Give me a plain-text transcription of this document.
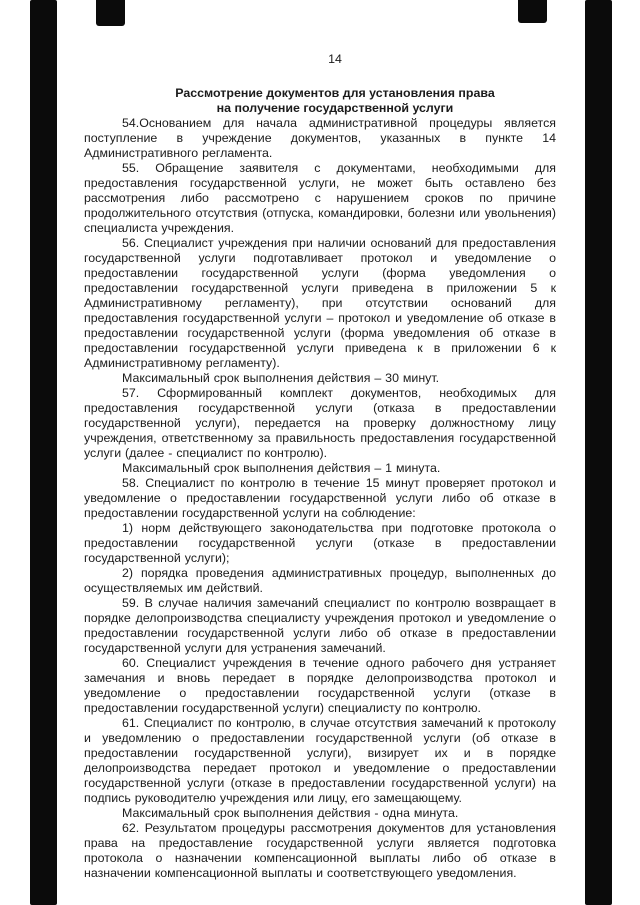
14
Рассмотрение документов для установления права
на получение государственной услуги

54.Основанием для начала административной процедуры является поступление в учреждение документов, указанных в пункте 14 Административного регламента.

55. Обращение заявителя с документами, необходимыми для предоставления государственной услуги, не может быть оставлено без рассмотрения либо рассмотрено с нарушением сроков по причине продолжительного отсутствия (отпуска, командировки, болезни или увольнения) специалиста учреждения.

56. Специалист учреждения при наличии оснований для предоставления государственной услуги подготавливает протокол и уведомление о предоставлении государственной услуги (форма уведомления о предоставлении государственной услуги приведена в приложении 5 к Административному регламенту), при отсутствии оснований для предоставления государственной услуги – протокол и уведомление об отказе в предоставлении государственной услуги (форма уведомления об отказе в предоставлении государственной услуги приведена к в приложении 6 к Административному регламенту).

Максимальный срок выполнения действия – 30 минут.

57. Сформированный комплект документов, необходимых для предоставления государственной услуги (отказа в предоставлении государственной услуги), передается на проверку должностному лицу учреждения, ответственному за правильность предоставления государственной услуги (далее - специалист по контролю).

Максимальный срок выполнения действия – 1 минута.

58. Специалист по контролю в течение 15 минут проверяет протокол и уведомление о предоставлении государственной услуги либо об отказе в предоставлении государственной услуги на соблюдение:

1) норм действующего законодательства при подготовке протокола о предоставлении государственной услуги (отказе в предоставлении государственной услуги);

2) порядка проведения административных процедур, выполненных до осуществляемых им действий.

59. В случае наличия замечаний специалист по контролю возвращает в порядке делопроизводства специалисту учреждения протокол и уведомление о предоставлении государственной услуги либо об отказе в предоставлении государственной услуги для устранения замечаний.

60. Специалист учреждения в течение одного рабочего дня устраняет замечания и вновь передает в порядке делопроизводства протокол и уведомление о предоставлении государственной услуги (отказе в предоставлении государственной услуги) специалисту по контролю.

61. Специалист по контролю, в случае отсутствия замечаний к протоколу и уведомлению о предоставлении государственной услуги (об отказе в предоставлении государственной услуги), визирует их и в порядке делопроизводства передает протокол и уведомление о предоставлении государственной услуги (отказе в предоставлении государственной услуги) на подпись руководителю учреждения или лицу, его замещающему.

Максимальный срок выполнения действия - одна минута.

62. Результатом процедуры рассмотрения документов для установления права на предоставление государственной услуги является подготовка протокола о назначении компенсационной выплаты либо об отказе в назначении компенсационной выплаты и соответствующего уведомления.
